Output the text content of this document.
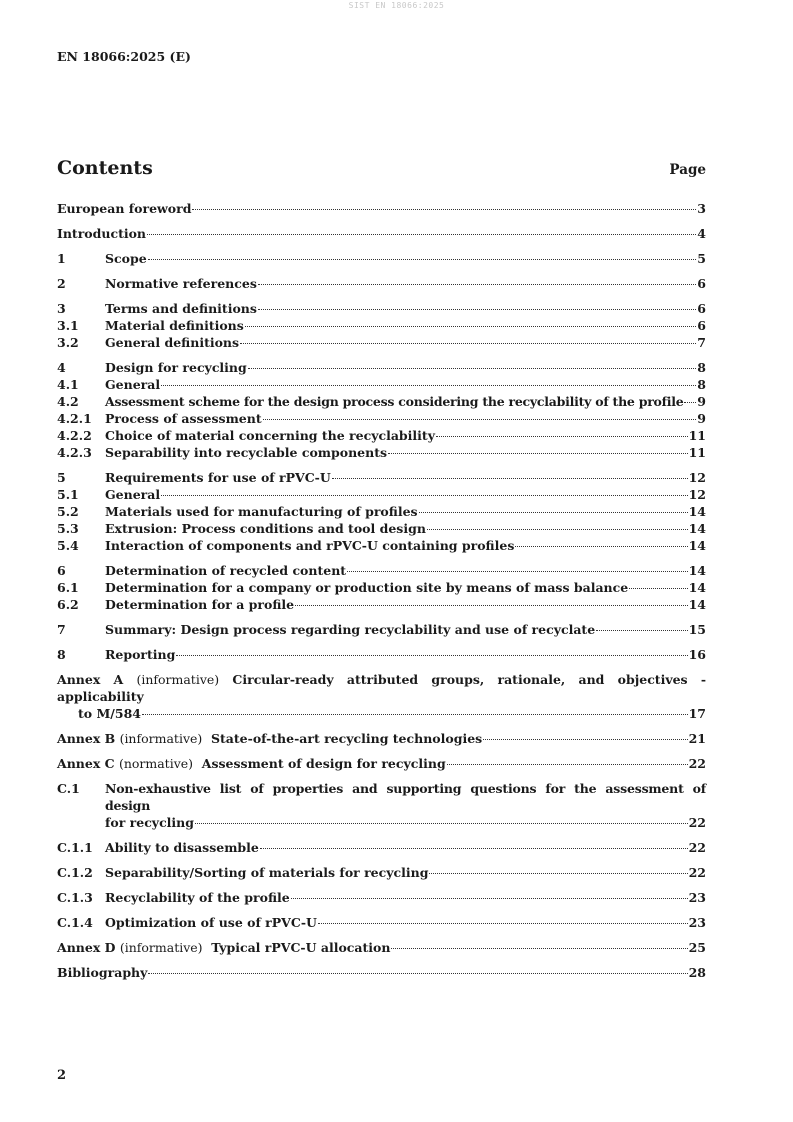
SIST EN 18066:2025
EN 18066:2025 (E)
Contents	Page
European foreword	3
Introduction	4
1	Scope	5
2	Normative references	6
3	Terms and definitions	6
3.1	Material definitions	6
3.2	General definitions	7
4	Design for recycling	8
4.1	General	8
4.2	Assessment scheme for the design process considering the recyclability of the profile 9
4.2.1	Process of assessment	9
4.2.2	Choice of material concerning the recyclability	11
4.2.3	Separability into recyclable components	11
5	Requirements for use of rPVC-U	12
5.1	General	12
5.2	Materials used for manufacturing of profiles	14
5.3	Extrusion: Process conditions and tool design	14
5.4	Interaction of components and rPVC-U containing profiles	14
6	Determination of recycled content	14
6.1	Determination for a company or production site by means of mass balance	14
6.2	Determination for a profile	14
7	Summary: Design process regarding recyclability and use of recyclate	15
8	Reporting	16
Annex A (informative) Circular-ready attributed groups, rationale, and objectives - applicability
to M/584	17
Annex B (informative) State-of-the-art recycling technologies	21
Annex C (normative) Assessment of design for recycling	22
C.1	Non-exhaustive list of properties and supporting questions for the assessment of design
for recycling	22
C.1.1 Ability to disassemble	22
C.1.2 Separability/Sorting of materials for recycling	22
C.1.3 Recyclability of the profile	23
C.1.4 Optimization of use of rPVC-U	23
Annex D (informative) Typical rPVC-U allocation	25
Bibliography	28
2
